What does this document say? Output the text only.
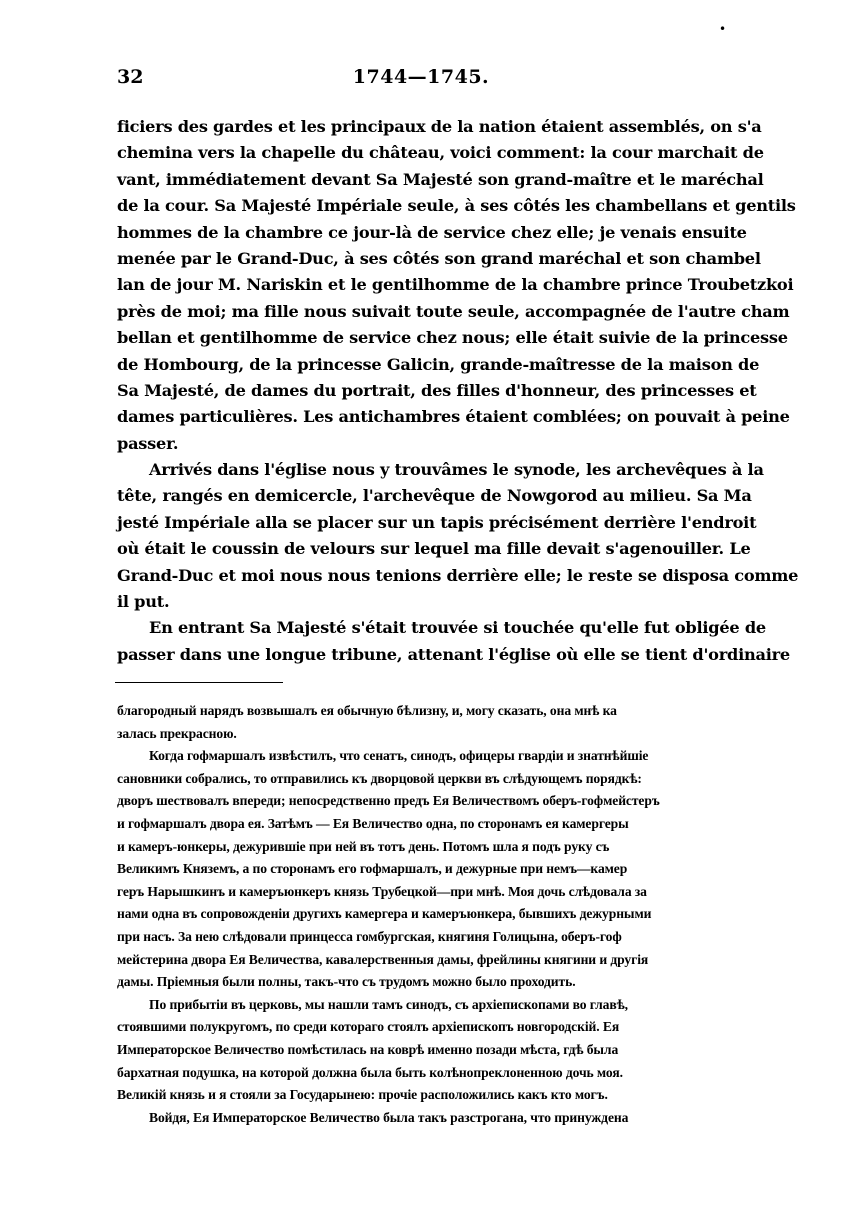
•
32	1744—1745.

ficiers des gardes et les principaux de la nation étaient assemblés, on s'a

chemina vers la chapelle du château, voici comment: la cour marchait de

vant, immédiatement devant Sa Majesté son grand-maître et le maréchal

de la cour. Sa Majesté Impériale seule, à ses côtés les chambellans et gentils

hommes de la chambre ce jour-là de service chez elle; je venais ensuite

menée par le Grand-Duc, à ses côtés son grand maréchal et son chambel

lan de jour M. Nariskin et le gentilhomme de la chambre prince Troubetzkoi

près de moi; ma fille nous suivait toute seule, accompagnée de l'autre cham

bellan et gentilhomme de service chez nous; elle était suivie de la princesse

de Hombourg, de la princesse Galicin, grande-maîtresse de la maison de

Sa Majesté, de dames du portrait, des filles d'honneur, des princesses et

dames particulières. Les antichambres étaient comblées; on pouvait à peine

passer.

Arrivés dans l'église nous y trouvâmes le synode, les archevêques à la

tête, rangés en demicercle, l'archevêque de Nowgorod au milieu. Sa Ma

jesté Impériale alla se placer sur un tapis précisément derrière l'endroit

où était le coussin de velours sur lequel ma fille devait s'agenouiller. Le

Grand-Duc et moi nous nous tenions derrière elle; le reste se disposa comme

il put.

En entrant Sa Majesté s'était trouvée si touchée qu'elle fut obligée de

passer dans une longue tribune, attenant l'église où elle se tient d'ordinaire

благородный нарядъ возвышалъ ея обычную бѣлизну, и, могу сказать, она мнѣ ка

залась прекрасною.

Когда гофмаршалъ извѣстилъ, что сенатъ, синодъ, офицеры гвардіи и знатнѣйшіе

сановники собрались, то отправились къ дворцовой церкви въ слѣдующемъ порядкѣ:

дворъ шествовалъ впереди; непосредственно предъ Ея Величествомъ оберъ-гофмейстеръ

и гофмаршалъ двора ея. Затѣмъ — Ея Величество одна, по сторонамъ ея камергеры

и камеръ-юнкеры, дежурившіе при ней въ тотъ день. Потомъ шла я подъ руку съ

Великимъ Княземъ, а по сторонамъ его гофмаршалъ, и дежурные при немъ—камер

геръ Нарышкинъ и камеръюнкеръ князь Трубецкой—при мнѣ. Моя дочь слѣдовала за

нами одна въ сопровожденіи другихъ камергера и камеръюнкера, бывшихъ дежурными

при насъ. За нею слѣдовали принцесса гомбургская, княгиня Голицына, оберъ-гоф

мейстерина двора Ея Величества, кавалерственныя дамы, фрейлины княгини и другія

дамы. Пріемныя были полны, такъ-что съ трудомъ можно было проходить.

По прибытіи въ церковь, мы нашли тамъ синодъ, съ архіепископами во главѣ,

стоявшими полукругомъ, по среди котораго стоялъ архіепископъ новгородскій. Ея

Императорское Величество помѣстилась на коврѣ именно позади мѣста, гдѣ была

бархатная подушка, на которой должна была быть колѣнопреклоненною дочь моя.

Великій князь и я стояли за Государынею: прочіе расположились какъ кто могъ.

Войдя, Ея Императорское Величество была такъ разстрогана, что принуждена
